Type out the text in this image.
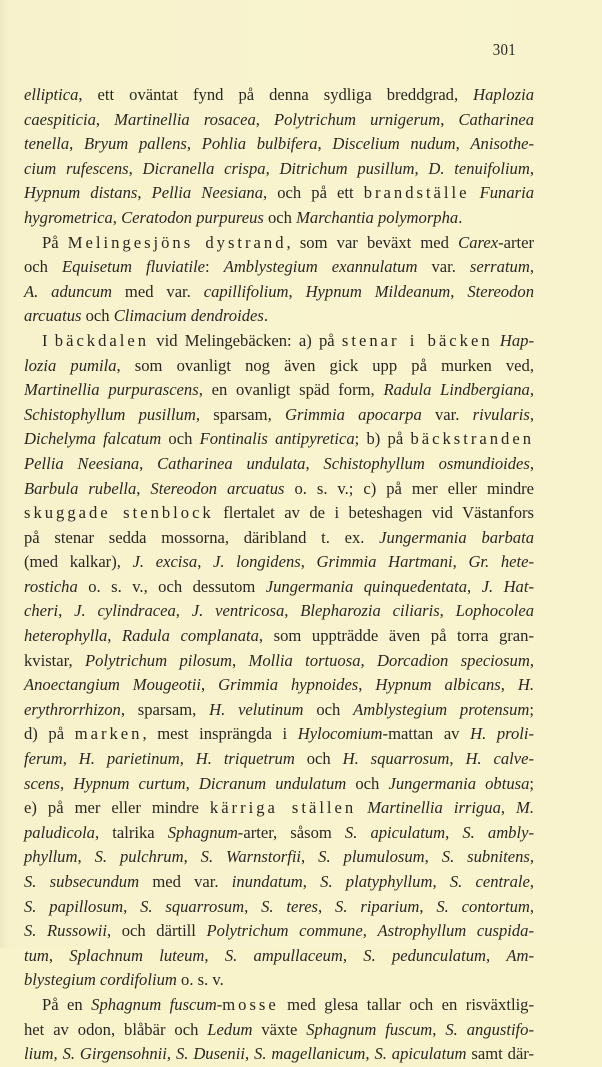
301
elliptica, ett oväntat fynd på denna sydliga breddgrad, Haplozia
caespiticia, Martinellia rosacea, Polytrichum urnigerum, Catharinea
tenella, Bryum pallens, Pohlia bulbifera, Discelium nudum, Anisothe-
cium rufescens, Dicranella crispa, Ditrichum pusillum, D. tenuifolium,
Hypnum distans, Pellia Neesiana, och på ett brandställe Funaria
hygrometrica, Ceratodon purpureus och Marchantia polymorpha.
På Melingesjöns dystrand, som var beväxt med Carex-arter
och Equisetum fluviatile: Amblystegium exannulatum var. serratum,
A. aduncum med var. capillifolium, Hypnum Mildeanum, Stereodon
arcuatus och Climacium dendroides.
I bäckdalen vid Melingebäcken: a) på stenar i bäcken Hap-
lozia pumila, som ovanligt nog även gick upp på murken ved,
Martinellia purpurascens, en ovanligt späd form, Radula Lindbergiana,
Schistophyllum pusillum, sparsam, Grimmia apocarpa var. rivularis,
Dichelyma falcatum och Fontinalis antipyretica; b) på bäckstranden
Pellia Neesiana, Catharinea undulata, Schistophyllum osmundioides,
Barbula rubella, Stereodon arcuatus o. s. v.; c) på mer eller mindre
skuggade stenblock flertalet av de i beteshagen vid Västanfors
på stenar sedda mossorna, däribland t. ex. Jungermania barbata
(med kalkar), J. excisa, J. longidens, Grimmia Hartmani, Gr. hete-
rosticha o. s. v., och dessutom Jungermania quinquedentata, J. Hat-
cheri, J. cylindracea, J. ventricosa, Blepharozia ciliaris, Lophocolea
heterophylla, Radula complanata, som uppträdde även på torra gran-
kvistar, Polytrichum pilosum, Mollia tortuosa, Dorcadion speciosum,
Anoectangium Mougeotii, Grimmia hypnoides, Hypnum albicans, H.
erythrorrhizon, sparsam, H. velutinum och Amblystegium protensum;
d) på marken, mest insprängda i Hylocomium-mattan av H. proli-
ferum, H. parietinum, H. triquetrum och H. squarrosum, H. calve-
scens, Hypnum curtum, Dicranum undulatum och Jungermania obtusa;
e) på mer eller mindre kärriga ställen Martinellia irrigua, M.
paludicola, talrika Sphagnum-arter, såsom S. apiculatum, S. ambly-
phyllum, S. pulchrum, S. Warnstorfii, S. plumulosum, S. subnitens,
S. subsecundum med var. inundatum, S. platyphyllum, S. centrale,
S. papillosum, S. squarrosum, S. teres, S. riparium, S. contortum,
S. Russowii, och därtill Polytrichum commune, Astrophyllum cuspida-
tum, Splachnum luteum, S. ampullaceum, S. pedunculatum, Am-
blystegium cordifolium o. s. v.
På en Sphagnum fuscum-mosse med glesa tallar och en risväxtlig-
het av odon, blåbär och Ledum växte Sphagnum fuscum, S. angustifo-
lium, S. Girgensohnii, S. Dusenii, S. magellanicum, S. apiculatum samt där-
